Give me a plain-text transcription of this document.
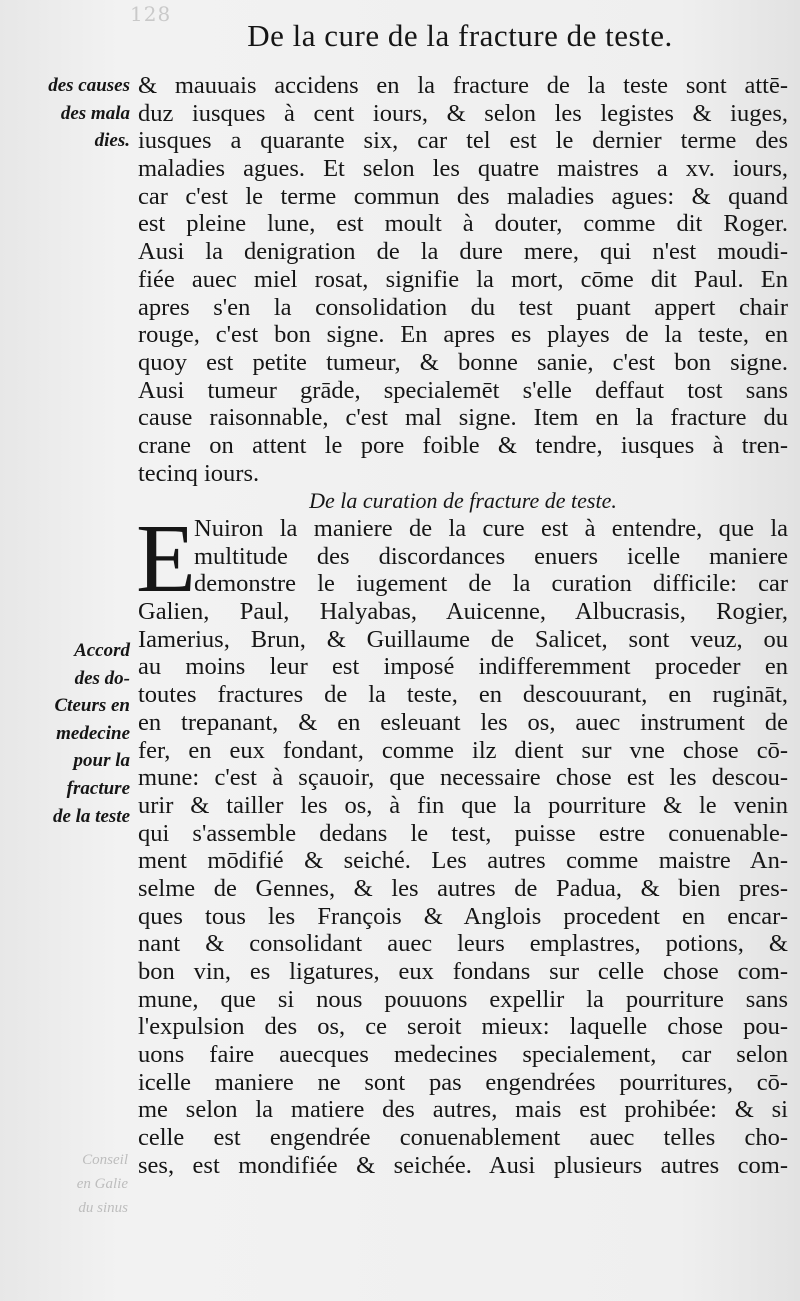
128
De la cure de la fracture de teste.
des causes
des mala
dies.
Accord
des do-
Cteurs en
medecine
pour la
fracture
de la teste
Conseil
en Galie
du sinus
& mauuais accidens en la fracture de la teste sont attē-
duz iusques à cent iours, & selon les legistes & iuges,
iusques a quarante six, car tel est le dernier terme des
maladies agues. Et selon les quatre maistres a xv. iours,
car c'est le terme commun des maladies agues: & quand
est pleine lune, est moult à douter, comme dit Roger.
Ausi la denigration de la dure mere, qui n'est moudi-
fiée auec miel rosat, signifie la mort, cōme dit Paul. En
apres s'en la consolidation du test puant appert chair
rouge, c'est bon signe. En apres es playes de la teste, en
quoy est petite tumeur, & bonne sanie, c'est bon signe.
Ausi tumeur grāde, specialemēt s'elle deffaut tost sans
cause raisonnable, c'est mal signe. Item en la fracture du
crane on attent le pore foible & tendre, iusques à tren-
tecinq iours.
De la curation de fracture de teste.
E
Nuiron la maniere de la cure est à entendre, que la
multitude des discordances enuers icelle maniere
demonstre le iugement de la curation difficile: car
Galien, Paul, Halyabas, Auicenne, Albucrasis, Rogier,
Iamerius, Brun, & Guillaume de Salicet, sont veuz, ou
au moins leur est imposé indifferemment proceder en
toutes fractures de la teste, en descouurant, en rugināt,
en trepanant, & en esleuant les os, auec instrument de
fer, en eux fondant, comme ilz dient sur vne chose cō-
mune: c'est à sçauoir, que necessaire chose est les descou-
urir & tailler les os, à fin que la pourriture & le venin
qui s'assemble dedans le test, puisse estre conuenable-
ment mōdifié & seiché. Les autres comme maistre An-
selme de Gennes, & les autres de Padua, & bien pres-
ques tous les François & Anglois procedent en encar-
nant & consolidant auec leurs emplastres, potions, &
bon vin, es ligatures, eux fondans sur celle chose com-
mune, que si nous pouuons expellir la pourriture sans
l'expulsion des os, ce seroit mieux: laquelle chose pou-
uons faire auecques medecines specialement, car selon
icelle maniere ne sont pas engendrées pourritures, cō-
me selon la matiere des autres, mais est prohibée: & si
celle est engendrée conuenablement auec telles cho-
ses, est mondifiée & seichée. Ausi plusieurs autres com-
